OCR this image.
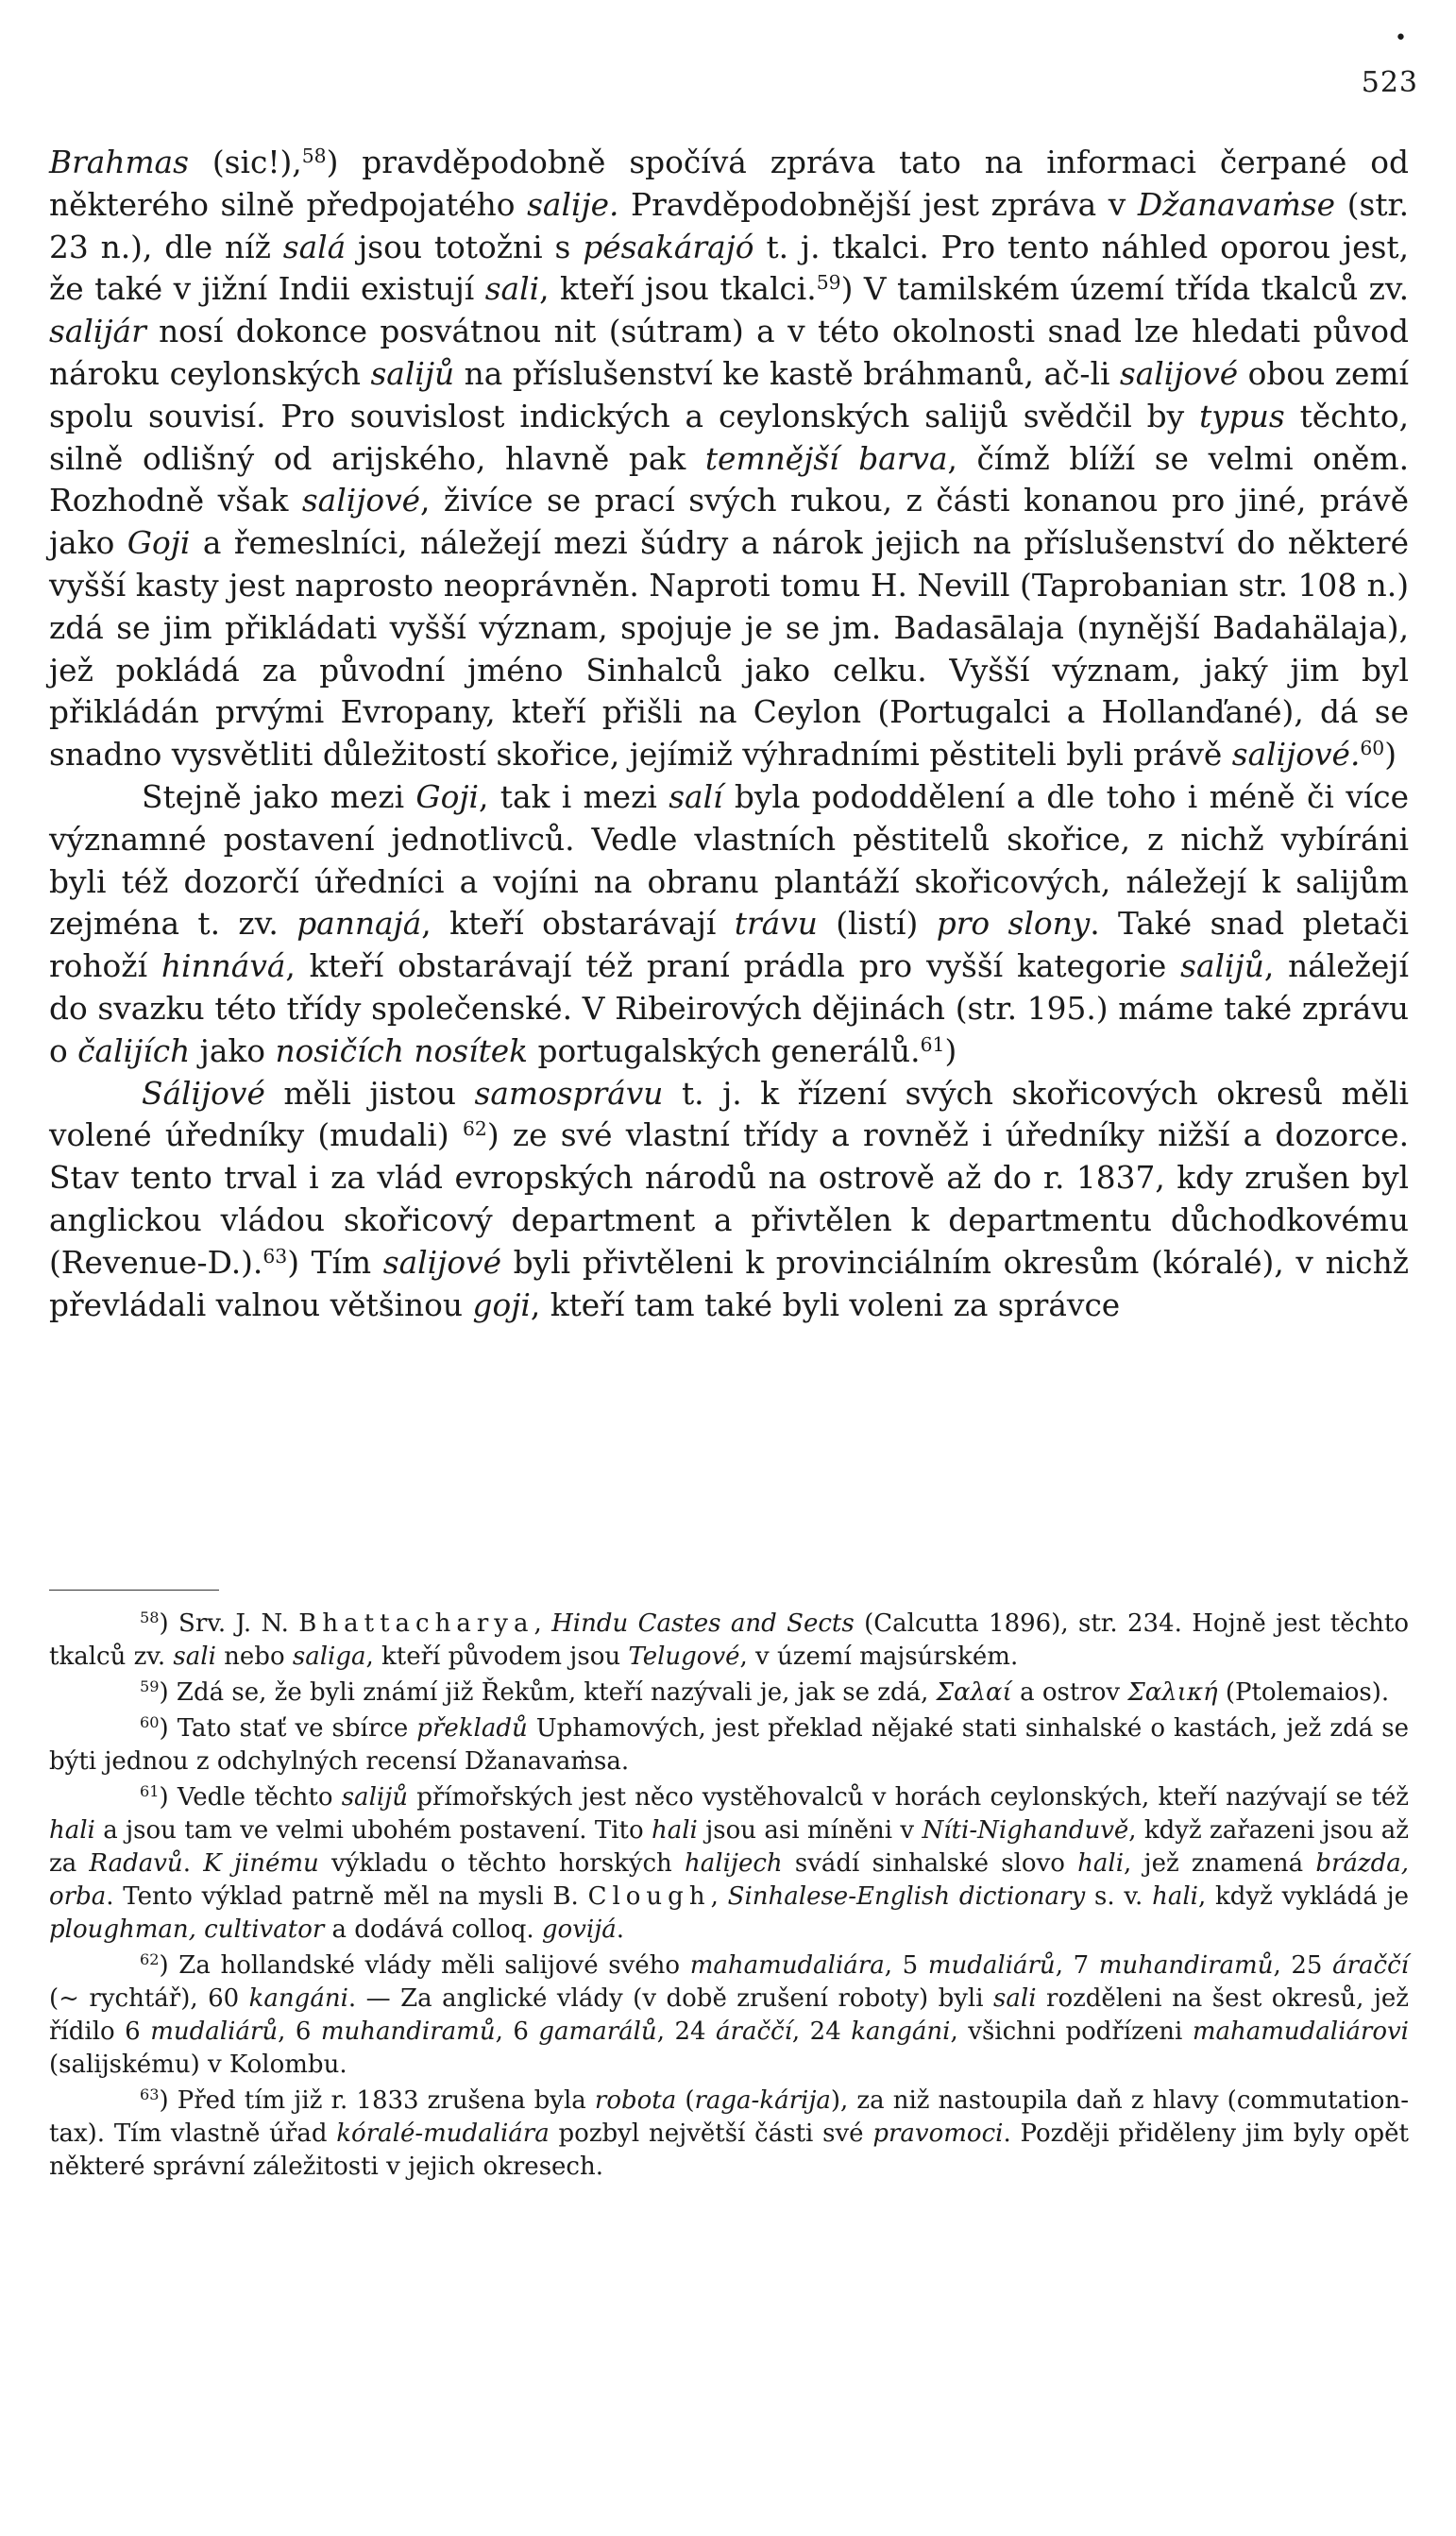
•
523

Brahmas (sic!),$^{58}$) pravděpodobně spočívá zpráva tato na informaci čerpané od některého silně předpojatého salije. Pravděpodobnější jest zpráva v Džanavaṁse (str. 23 n.), dle níž salá jsou totožni s pésakárajó t. j. tkalci. Pro tento náhled oporou jest, že také v jižní Indii existují sali, kteří jsou tkalci.$^{59}$) V tamilském území třída tkalců zv. salijár nosí dokonce posvátnou nit (sútram) a v této okolnosti snad lze hledati původ nároku ceylonských salijů na příslušenství ke kastě bráhmanů, ač-li salijové obou zemí spolu souvisí. Pro souvislost indických a ceylonských salijů svědčil by typus těchto, silně odlišný od arijského, hlavně pak temnější barva, čímž blíží se velmi oněm. Rozhodně však salijové, živíce se prací svých rukou, z části konanou pro jiné, právě jako Goji a řemeslníci, náležejí mezi šúdry a nárok jejich na příslušenství do některé vyšší kasty jest naprosto neoprávněn. Naproti tomu H. Nevill (Taprobanian str. 108 n.) zdá se jim přikládati vyšší význam, spojuje je se jm. Badasālaja (nynější Badahälaja), jež pokládá za původní jméno Sinhalců jako celku. Vyšší význam, jaký jim byl přikládán prvými Evropany, kteří přišli na Ceylon (Portugalci a Hollanďané), dá se snadno vysvětliti důležitostí skořice, jejímiž výhradními pěstiteli byli právě salijové.$^{60}$)

Stejně jako mezi Goji, tak i mezi salí byla pododdělení a dle toho i méně či více významné postavení jednotlivců. Vedle vlastních pěstitelů skořice, z nichž vybíráni byli též dozorčí úředníci a vojíni na obranu plantáží skořicových, náležejí k salijům zejména t. zv. pannajá, kteří obstarávají trávu (listí) pro slony. Také snad pletači rohoží hinnává, kteří obstarávají též praní prádla pro vyšší kategorie salijů, náležejí do svazku této třídy společenské. V Ribeirových dějinách (str. 195.) máme také zprávu o čalijích jako nosičích nosítek portugalských generálů.$^{61}$)

Sálijové měli jistou samosprávu t. j. k řízení svých skořicových okresů měli volené úředníky (mudali) $^{62}$) ze své vlastní třídy a rovněž i úředníky nižší a dozorce. Stav tento trval i za vlád evropských národů na ostrově až do r. 1837, kdy zrušen byl anglickou vládou skořicový department a přivtělen k departmentu důchodkovému (Revenue-D.).$^{63}$) Tím salijové byli přivtěleni k provinciálním okresům (kóralé), v nichž převládali valnou většinou goji, kteří tam také byli voleni za správce

$^{58}$) Srv. J. N. Bhattacharya, Hindu Castes and Sects (Calcutta 1896), str. 234. Hojně jest těchto tkalců zv. sali nebo saliga, kteří původem jsou Telugové, v území majsúrském.

$^{59}$) Zdá se, že byli známí již Řekům, kteří nazývali je, jak se zdá, Σαλαί a ostrov Σαλική (Ptolemaios).

$^{60}$) Tato stať ve sbírce překladů Uphamových, jest překlad nějaké stati sinhalské o kastách, jež zdá se býti jednou z odchylných recensí Džanavaṁsa.

$^{61}$) Vedle těchto salijů přímořských jest něco vystěhovalců v horách ceylonských, kteří nazývají se též hali a jsou tam ve velmi ubohém postavení. Tito hali jsou asi míněni v Níti-Nighanduvě, když zařazeni jsou až za Radavů. K jinému výkladu o těchto horských halijech svádí sinhalské slovo hali, jež znamená brázda, orba. Tento výklad patrně měl na mysli B. Clough, Sinhalese-English dictionary s. v. hali, když vykládá je ploughman, cultivator a dodává colloq. govijá.

$^{62}$) Za hollandské vlády měli salijové svého mahamudaliára, 5 mudaliárů, 7 muhandiramů, 25 áraččí (~ rychtář), 60 kangáni. — Za anglické vlády (v době zrušení roboty) byli sali rozděleni na šest okresů, jež řídilo 6 mudaliárů, 6 muhandiramů, 6 gamarálů, 24 áraččí, 24 kangáni, všichni podřízeni mahamudaliárovi (salijskému) v Kolombu.

$^{63}$) Před tím již r. 1833 zrušena byla robota (raga-kárija), za niž nastoupila daň z hlavy (commutation-tax). Tím vlastně úřad kóralé-mudaliára pozbyl největší části své pravomoci. Později přiděleny jim byly opět některé správní záležitosti v jejich okresech.
